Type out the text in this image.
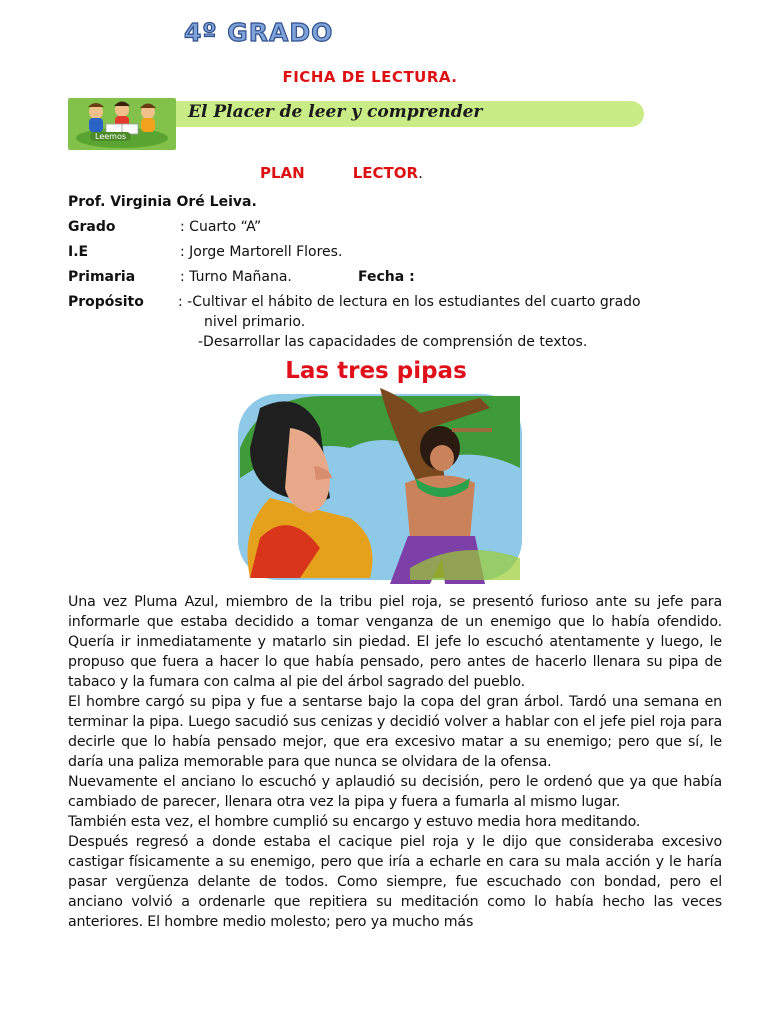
4º GRADO
FICHA DE LECTURA.
Leemos
El Placer de leer y comprender
PLAN	LECTOR.
Prof. Virginia Oré Leiva.
Grado	: Cuarto “A”
I.E	: Jorge Martorell Flores.
Primaria	: Turno Mañana.	Fecha :
Propósito : -Cultivar el hábito de lectura en los estudiantes del cuarto grado
nivel primario.
-Desarrollar las capacidades de comprensión de textos.
Las tres pipas

Una vez Pluma Azul, miembro de la tribu piel roja, se presentó furioso ante su jefe para informarle que estaba decidido a tomar venganza de un enemigo que lo había ofendido. Quería ir inmediatamente y matarlo sin piedad. El jefe lo escuchó atentamente y luego, le propuso que fuera a hacer lo que había pensado, pero antes de hacerlo llenara su pipa de tabaco y la fumara con calma al pie del árbol sagrado del pueblo.

El hombre cargó su pipa y fue a sentarse bajo la copa del gran árbol. Tardó una semana en terminar la pipa. Luego sacudió sus cenizas y decidió volver a hablar con el jefe piel roja para decirle que lo había pensado mejor, que era excesivo matar a su enemigo; pero que sí, le daría una paliza memorable para que nunca se olvidara de la ofensa.

Nuevamente el anciano lo escuchó y aplaudió su decisión, pero le ordenó que ya que había cambiado de parecer, llenara otra vez la pipa y fuera a fumarla al mismo lugar.

También esta vez, el hombre cumplió su encargo y estuvo media hora meditando.

Después regresó a donde estaba el cacique piel roja y le dijo que consideraba excesivo castigar físicamente a su enemigo, pero que iría a echarle en cara su mala acción y le haría pasar vergüenza delante de todos. Como siempre, fue escuchado con bondad, pero el anciano volvió a ordenarle que repitiera su meditación como lo había hecho las veces anteriores. El hombre medio molesto; pero ya mucho más
